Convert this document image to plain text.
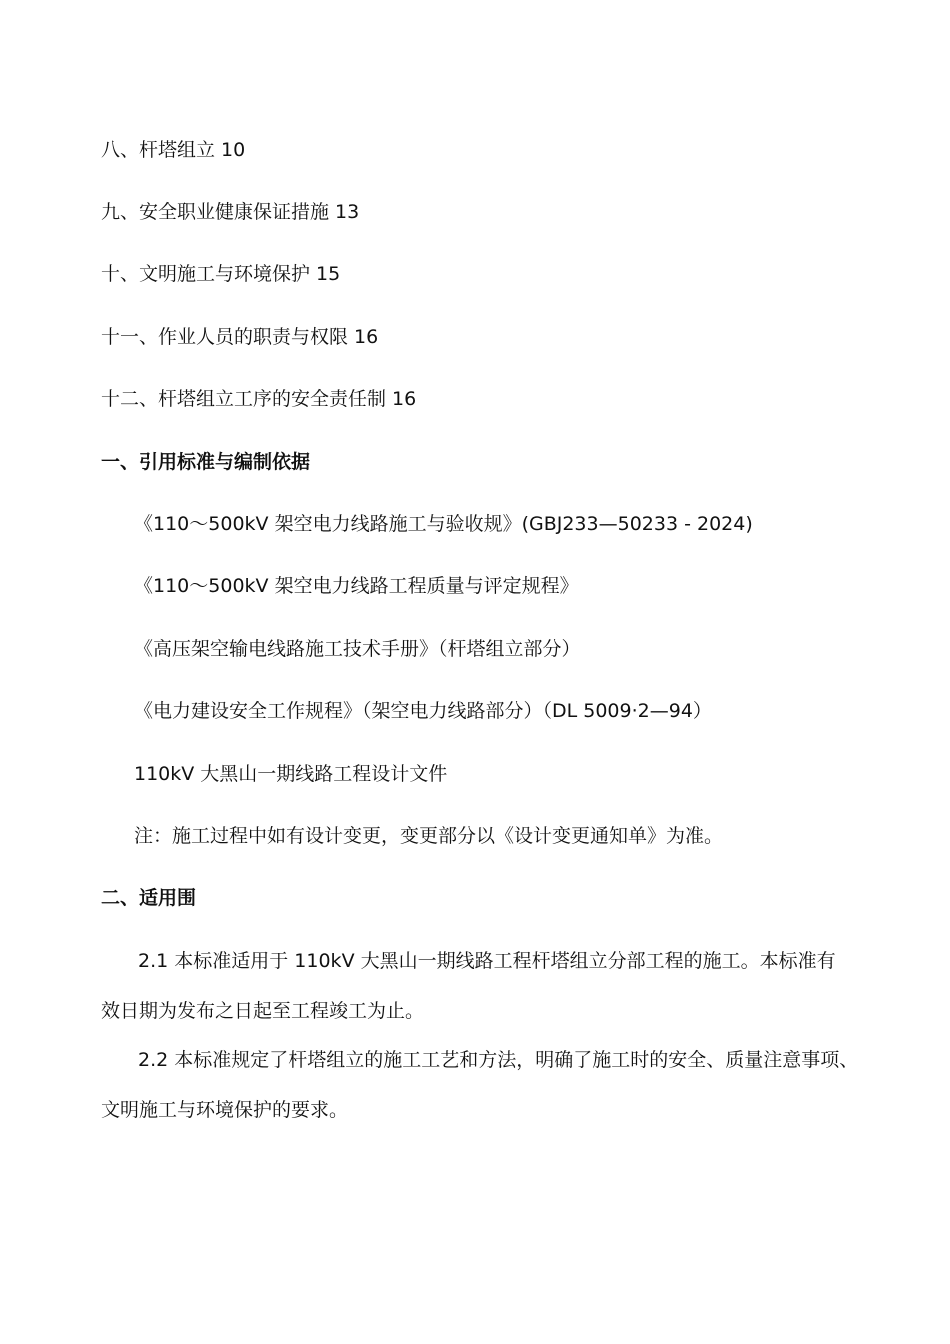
八、杆塔组立 10
九、安全职业健康保证措施 13
十、文明施工与环境保护 15
十一、作业人员的职责与权限 16
十二、杆塔组立工序的安全责任制 16
一、引用标准与编制依据
《110～500kV 架空电力线路施工与验收规》(GBJ233—50233 - 2024)
《110～500kV 架空电力线路工程质量与评定规程》
《高压架空输电线路施工技术手册》（杆塔组立部分）
《电力建设安全工作规程》（架空电力线路部分）（DL 5009·2—94）
110kV 大黑山一期线路工程设计文件
注：施工过程中如有设计变更，变更部分以《设计变更通知单》为准。
二、适用围
2.1 本标准适用于 110kV 大黑山一期线路工程杆塔组立分部工程的施工。本标准有
效日期为发布之日起至工程竣工为止。
2.2 本标准规定了杆塔组立的施工工艺和方法，明确了施工时的安全、质量注意事项、
文明施工与环境保护的要求。
